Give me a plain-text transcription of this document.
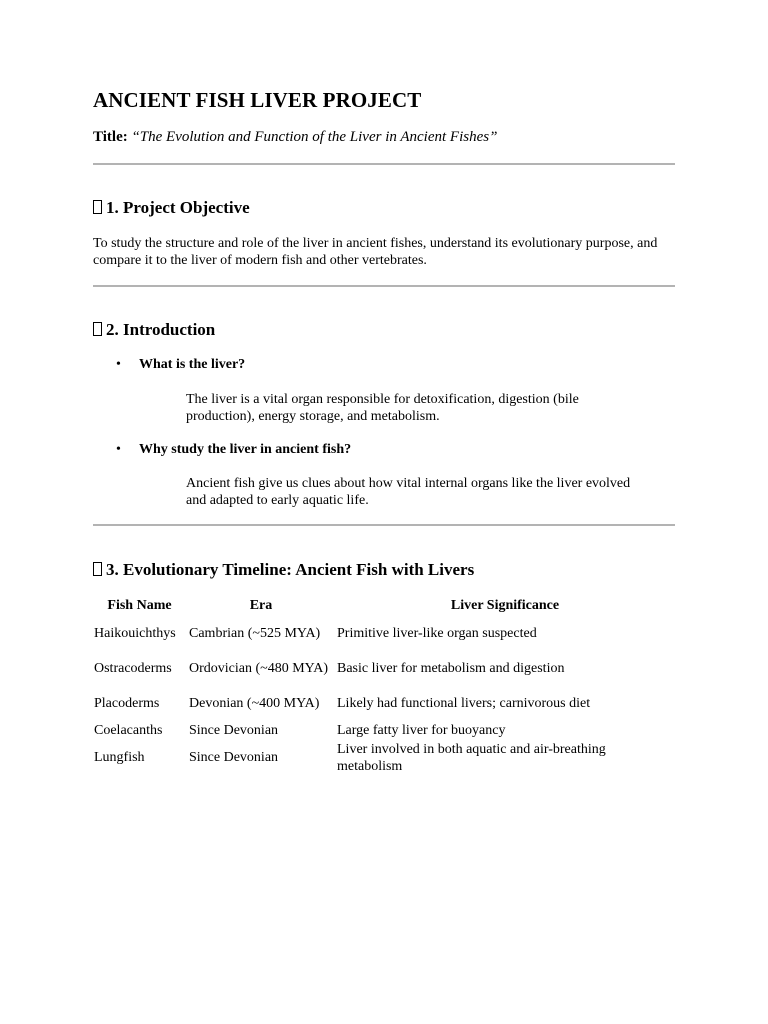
ANCIENT FISH LIVER PROJECT
Title: “The Evolution and Function of the Liver in Ancient Fishes”
1. Project Objective
To study the structure and role of the liver in ancient fishes, understand its evolutionary purpose, and compare it to the liver of modern fish and other vertebrates.
2. Introduction
• What is the liver?
The liver is a vital organ responsible for detoxification, digestion (bile production), energy storage, and metabolism.
• Why study the liver in ancient fish?
Ancient fish give us clues about how vital internal organs like the liver evolved and adapted to early aquatic life.
3. Evolutionary Timeline: Ancient Fish with Livers
Fish Name	Era	Liver Significance
Haikouichthys	Cambrian (~525 MYA)	Primitive liver-like organ suspected
Ostracoderms	Ordovician (~480 MYA)	Basic liver for metabolism and digestion
Placoderms	Devonian (~400 MYA)	Likely had functional livers; carnivorous diet
Coelacanths	Since Devonian	Large fatty liver for buoyancy
Lungfish	Since Devonian	Liver involved in both aquatic and air-breathing metabolism
